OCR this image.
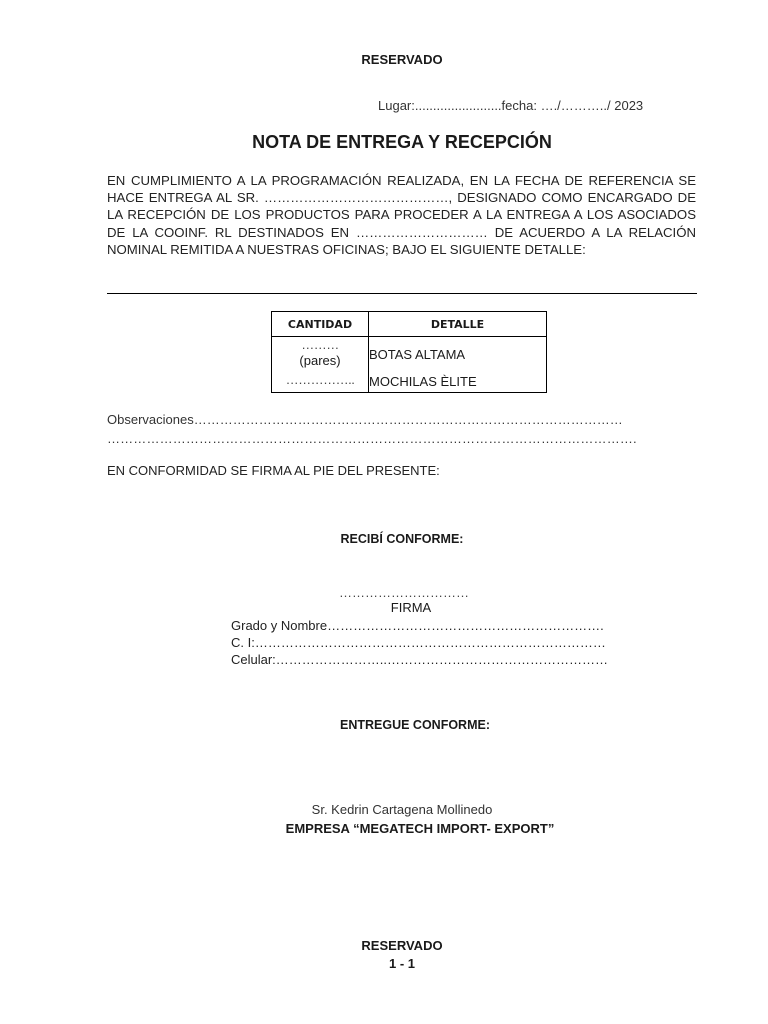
RESERVADO
Lugar:........................fecha: …./………../ 2023
NOTA DE ENTREGA Y RECEPCIÓN
EN CUMPLIMIENTO A LA PROGRAMACIÓN REALIZADA, EN LA FECHA DE REFERENCIA SE HACE ENTREGA AL SR. ……………………………………, DESIGNADO COMO ENCARGADO DE LA RECEPCIÓN DE LOS PRODUCTOS PARA PROCEDER A LA ENTREGA A LOS ASOCIADOS DE LA COOINF. RL DESTINADOS EN ………………………… DE ACUERDO A LA RELACIÓN NOMINAL REMITIDA A NUESTRAS OFICINAS; BAJO EL SIGUIENTE DETALLE:
CANTIDAD	DETALLE

………
(pares)	BOTAS ALTAMA

……………..	MOCHILAS ÈLITE
Observaciones………………………………………………………………………………………
………………………………………………………………………………………………………….
EN CONFORMIDAD SE FIRMA AL PIE DEL PRESENTE:
RECIBÍ CONFORME:
…………………………
FIRMA
Grado y Nombre……………………………………………………….
C. I:………………………………………………………………………
Celular:……………………..……………………………………………
ENTREGUE CONFORME:
Sr. Kedrin Cartagena Mollinedo
EMPRESA “MEGATECH IMPORT- EXPORT”
RESERVADO
1 - 1
